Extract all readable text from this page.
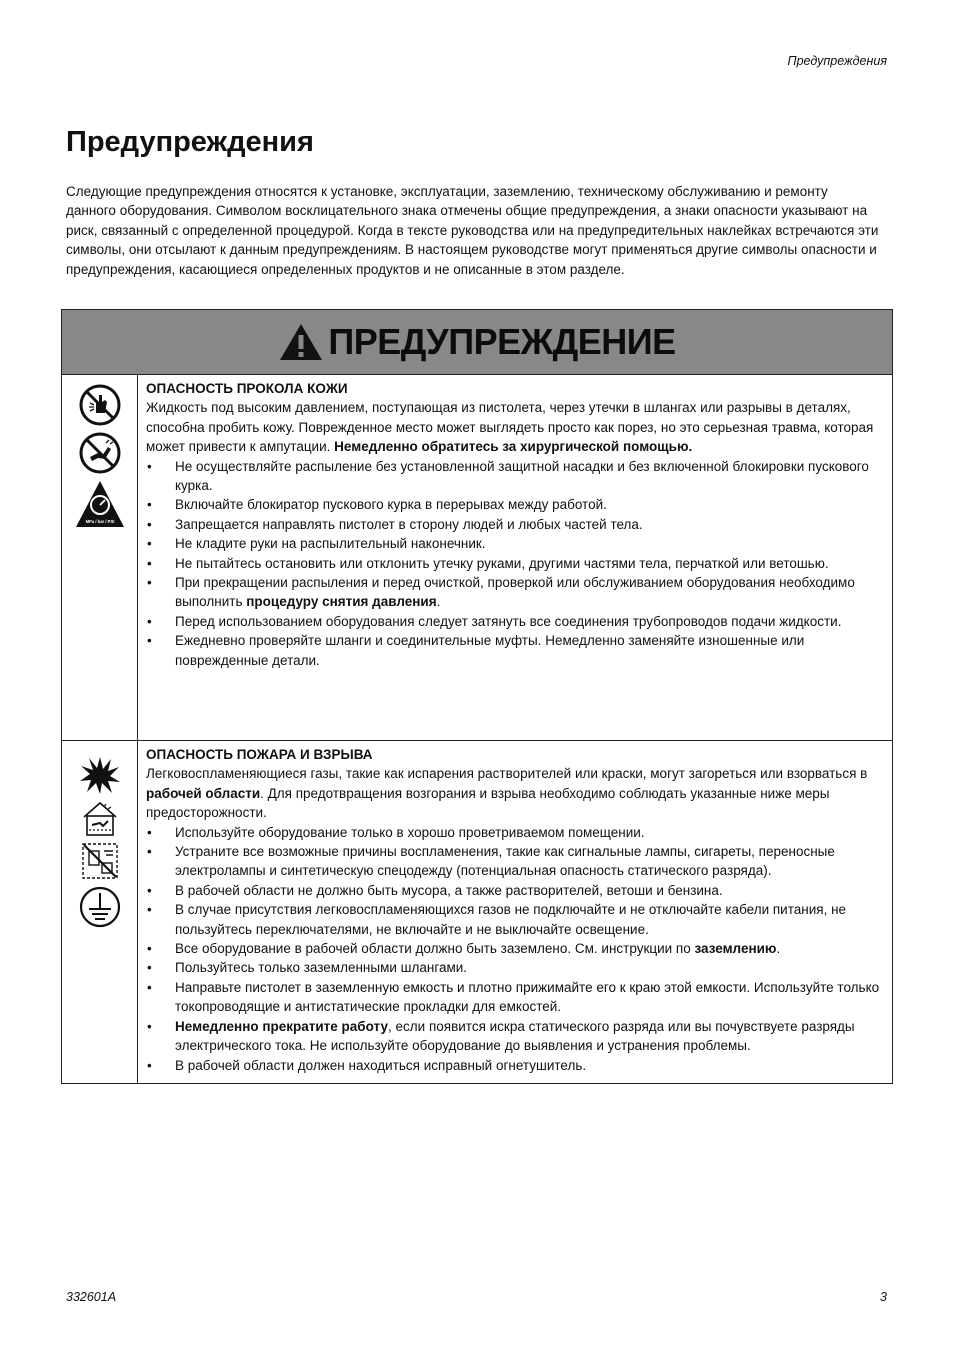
Предупреждения
Предупреждения

Следующие предупреждения относятся к установке, эксплуатации, заземлению, техническому обслуживанию и ремонту данного оборудования. Символом восклицательного знака отмечены общие предупреждения, а знаки опасности указывают на риск, связанный с определенной процедурой. Когда в тексте руководства или на предупредительных наклейках встречаются эти символы, они отсылают к данным предупреждениям. В настоящем руководстве могут применяться другие символы опасности и предупреждения, касающиеся определенных продуктов и не описанные в этом разделе.

ПРЕДУПРЕЖДЕНИЕ
MPa / bar / PSI

ОПАСНОСТЬ ПРОКОЛА КОЖИ

Жидкость под высоким давлением, поступающая из пистолета, через утечки в шлангах или разрывы в деталях, способна пробить кожу. Поврежденное место может выглядеть просто как порез, но это серьезная травма, которая может привести к ампутации. Немедленно обратитесь за хирургической помощью.

• Не осуществляйте распыление без установленной защитной насадки и без включенной блокировки пускового курка.
• Включайте блокиратор пускового курка в перерывах между работой.
• Запрещается направлять пистолет в сторону людей и любых частей тела.
• Не кладите руки на распылительный наконечник.
• Не пытайтесь остановить или отклонить утечку руками, другими частями тела, перчаткой или ветошью.
• При прекращении распыления и перед очисткой, проверкой или обслуживанием оборудования необходимо выполнить процедуру снятия давления.
• Перед использованием оборудования следует затянуть все соединения трубопроводов подачи жидкости.
• Ежедневно проверяйте шланги и соединительные муфты. Немедленно заменяйте изношенные или поврежденные детали.

ОПАСНОСТЬ ПОЖАРА И ВЗРЫВА

Легковоспламеняющиеся газы, такие как испарения растворителей или краски, могут загореться или взорваться в рабочей области. Для предотвращения возгорания и взрыва необходимо соблюдать указанные ниже меры предосторожности.

• Используйте оборудование только в хорошо проветриваемом помещении.
• Устраните все возможные причины воспламенения, такие как сигнальные лампы, сигареты, переносные электролампы и синтетическую спецодежду (потенциальная опасность статического разряда).
• В рабочей области не должно быть мусора, а также растворителей, ветоши и бензина.
• В случае присутствия легковоспламеняющихся газов не подключайте и не отключайте кабели питания, не пользуйтесь переключателями, не включайте и не выключайте освещение.
• Все оборудование в рабочей области должно быть заземлено. См. инструкции по заземлению.
• Пользуйтесь только заземленными шлангами.
• Направьте пистолет в заземленную емкость и плотно прижимайте его к краю этой емкости. Используйте только токопроводящие и антистатические прокладки для емкостей.
• Немедленно прекратите работу, если появится искра статического разряда или вы почувствуете разряды электрического тока. Не используйте оборудование до выявления и устранения проблемы.
• В рабочей области должен находиться исправный огнетушитель.
332601A	3
